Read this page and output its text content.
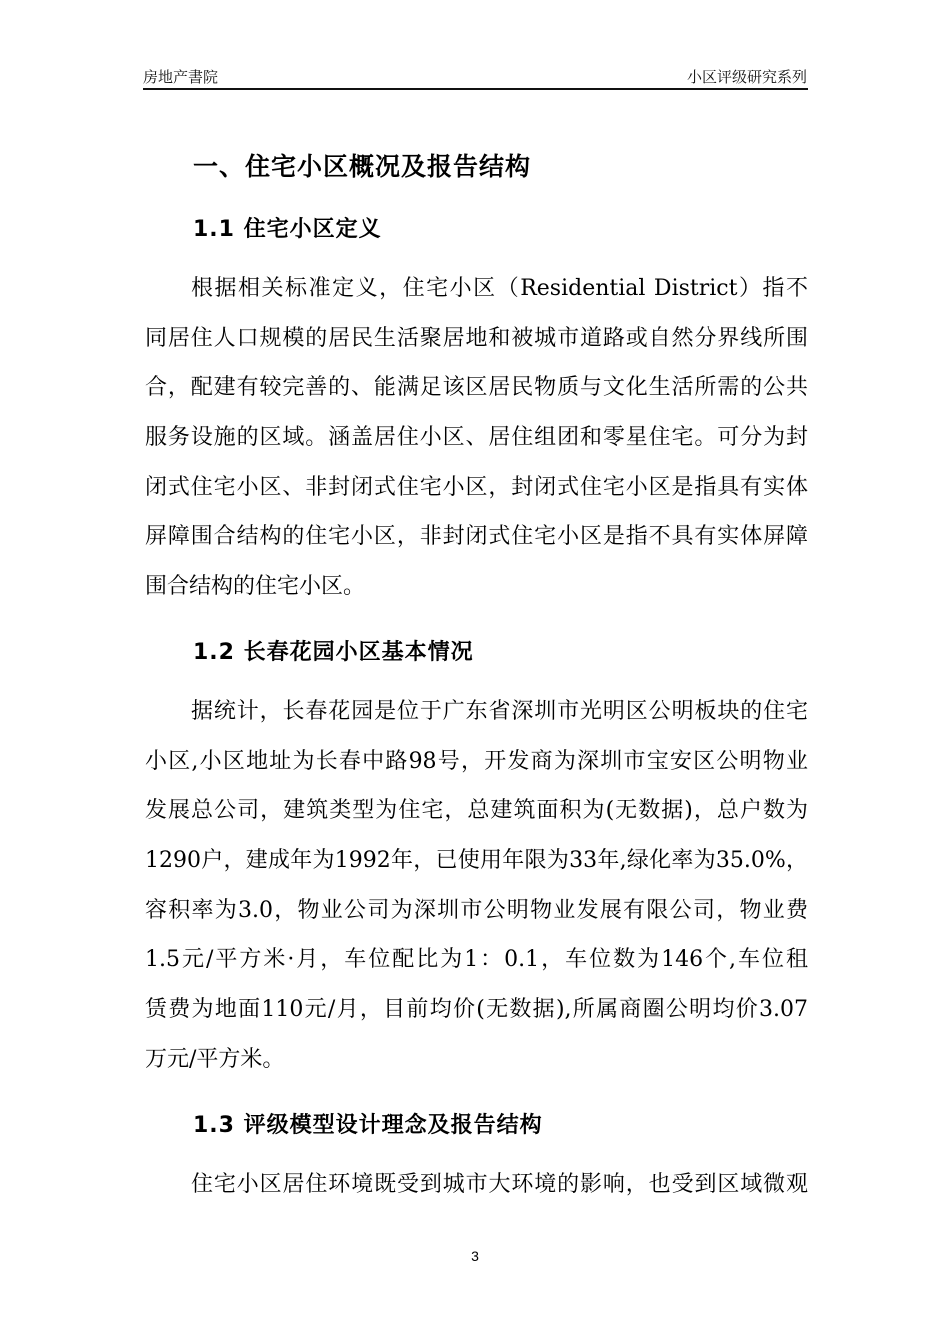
房地产書院	小区评级研究系列
一、住宅小区概况及报告结构
1.1 住宅小区定义
根据相关标准定义，住宅小区（Residential District）指不
同居住人口规模的居民生活聚居地和被城市道路或自然分界线所围
合，配建有较完善的、能满足该区居民物质与文化生活所需的公共
服务设施的区域。涵盖居住小区、居住组团和零星住宅。可分为封
闭式住宅小区、非封闭式住宅小区，封闭式住宅小区是指具有实体
屏障围合结构的住宅小区，非封闭式住宅小区是指不具有实体屏障
围合结构的住宅小区。
1.2 长春花园小区基本情况
据统计，长春花园是位于广东省深圳市光明区公明板块的住宅
小区,小区地址为长春中路98号，开发商为深圳市宝安区公明物业
发展总公司，建筑类型为住宅，总建筑面积为(无数据)，总户数为
1290户，建成年为1992年，已使用年限为33年,绿化率为35.0%，
容积率为3.0，物业公司为深圳市公明物业发展有限公司，物业费
1.5元/平方米·月，车位配比为1：0.1，车位数为146个,车位租
赁费为地面110元/月，目前均价(无数据),所属商圈公明均价3.07
万元/平方米。
1.3 评级模型设计理念及报告结构
住宅小区居住环境既受到城市大环境的影响，也受到区域微观
3
